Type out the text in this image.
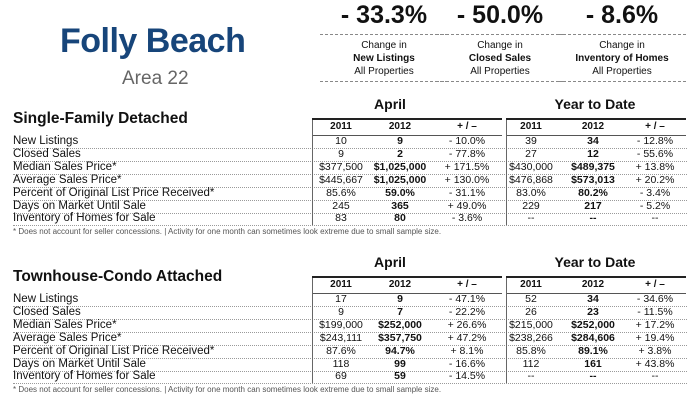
Folly Beach
Area 22
- 33.3%
Change in
New Listings
All Properties
- 50.0%
Change in
Closed Sales
All Properties
- 8.6%
Change in
Inventory of Homes
All Properties
Single-Family Detached
April	Year to Date
2011	2012	+ / –	2011	2012	+ / –
New Listings	10	9	- 10.0%	39	34	- 12.8%
Closed Sales	9	2	- 77.8%	27	12	- 55.6%
Median Sales Price*	$377,500	$1,025,000	+ 171.5%	$430,000	$489,375	+ 13.8%
Average Sales Price*	$445,667	$1,025,000	+ 130.0%	$476,868	$573,013	+ 20.2%
Percent of Original List Price Received*	85.6%	59.0%	- 31.1%	83.0%	80.2%	- 3.4%
Days on Market Until Sale	245	365	+ 49.0%	229	217	- 5.2%
Inventory of Homes for Sale	83	80	- 3.6%	--	--	--
* Does not account for seller concessions. | Activity for one month can sometimes look extreme due to small sample size.
Townhouse-Condo Attached
April	Year to Date
2011	2012	+ / –	2011	2012	+ / –
New Listings	17	9	- 47.1%	52	34	- 34.6%
Closed Sales	9	7	- 22.2%	26	23	- 11.5%
Median Sales Price*	$199,000	$252,000	+ 26.6%	$215,000	$252,000	+ 17.2%
Average Sales Price*	$243,111	$357,750	+ 47.2%	$238,266	$284,606	+ 19.4%
Percent of Original List Price Received*	87.6%	94.7%	+ 8.1%	85.8%	89.1%	+ 3.8%
Days on Market Until Sale	118	99	- 16.6%	112	161	+ 43.8%
Inventory of Homes for Sale	69	59	- 14.5%	--	--	--
* Does not account for seller concessions. | Activity for one month can sometimes look extreme due to small sample size.
